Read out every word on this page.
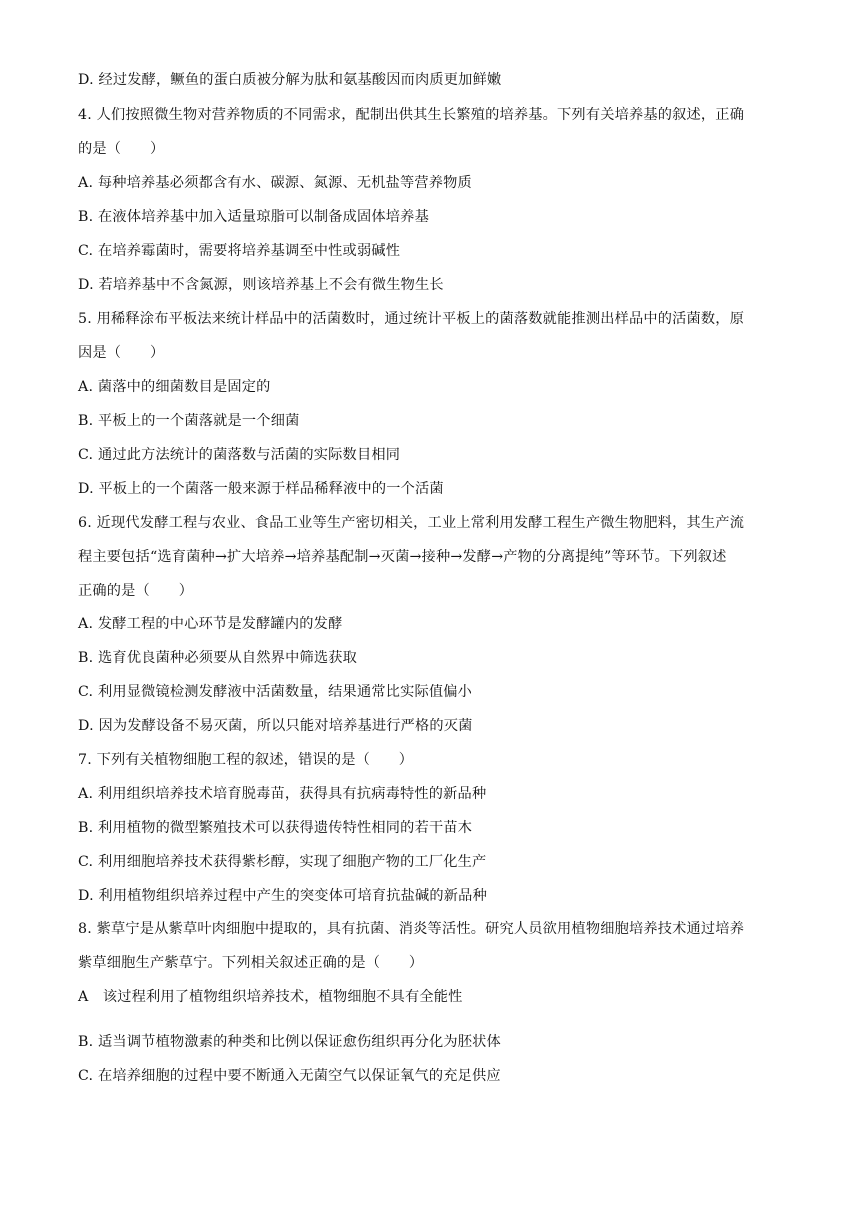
D. 经过发酵，鳜鱼的蛋白质被分解为肽和氨基酸因而肉质更加鲜嫩
4. 人们按照微生物对营养物质的不同需求，配制出供其生长繁殖的培养基。下列有关培养基的叙述，正确
的是（　　）
A. 每种培养基必须都含有水、碳源、氮源、无机盐等营养物质
B. 在液体培养基中加入适量琼脂可以制备成固体培养基
C. 在培养霉菌时，需要将培养基调至中性或弱碱性
D. 若培养基中不含氮源，则该培养基上不会有微生物生长
5. 用稀释涂布平板法来统计样品中的活菌数时，通过统计平板上的菌落数就能推测出样品中的活菌数，原
因是（　　）
A. 菌落中的细菌数目是固定的
B. 平板上的一个菌落就是一个细菌
C. 通过此方法统计的菌落数与活菌的实际数目相同
D. 平板上的一个菌落一般来源于样品稀释液中的一个活菌
6. 近现代发酵工程与农业、食品工业等生产密切相关，工业上常利用发酵工程生产微生物肥料，其生产流
程主要包括“选育菌种→扩大培养→培养基配制→灭菌→接种→发酵→产物的分离提纯”等环节。下列叙述
正确的是（　　）
A. 发酵工程的中心环节是发酵罐内的发酵
B. 选育优良菌种必须要从自然界中筛选获取
C. 利用显微镜检测发酵液中活菌数量，结果通常比实际值偏小
D. 因为发酵设备不易灭菌，所以只能对培养基进行严格的灭菌
7. 下列有关植物细胞工程的叙述，错误的是（　　）
A. 利用组织培养技术培育脱毒苗，获得具有抗病毒特性的新品种
B. 利用植物的微型繁殖技术可以获得遗传特性相同的若干苗木
C. 利用细胞培养技术获得紫杉醇，实现了细胞产物的工厂化生产
D. 利用植物组织培养过程中产生的突变体可培育抗盐碱的新品种
8. 紫草宁是从紫草叶肉细胞中提取的，具有抗菌、消炎等活性。研究人员欲用植物细胞培养技术通过培养
紫草细胞生产紫草宁。下列相关叙述正确的是（　　）
A　该过程利用了植物组织培养技术，植物细胞不具有全能性
B. 适当调节植物激素的种类和比例以保证愈伤组织再分化为胚状体
C. 在培养细胞的过程中要不断通入无菌空气以保证氧气的充足供应
